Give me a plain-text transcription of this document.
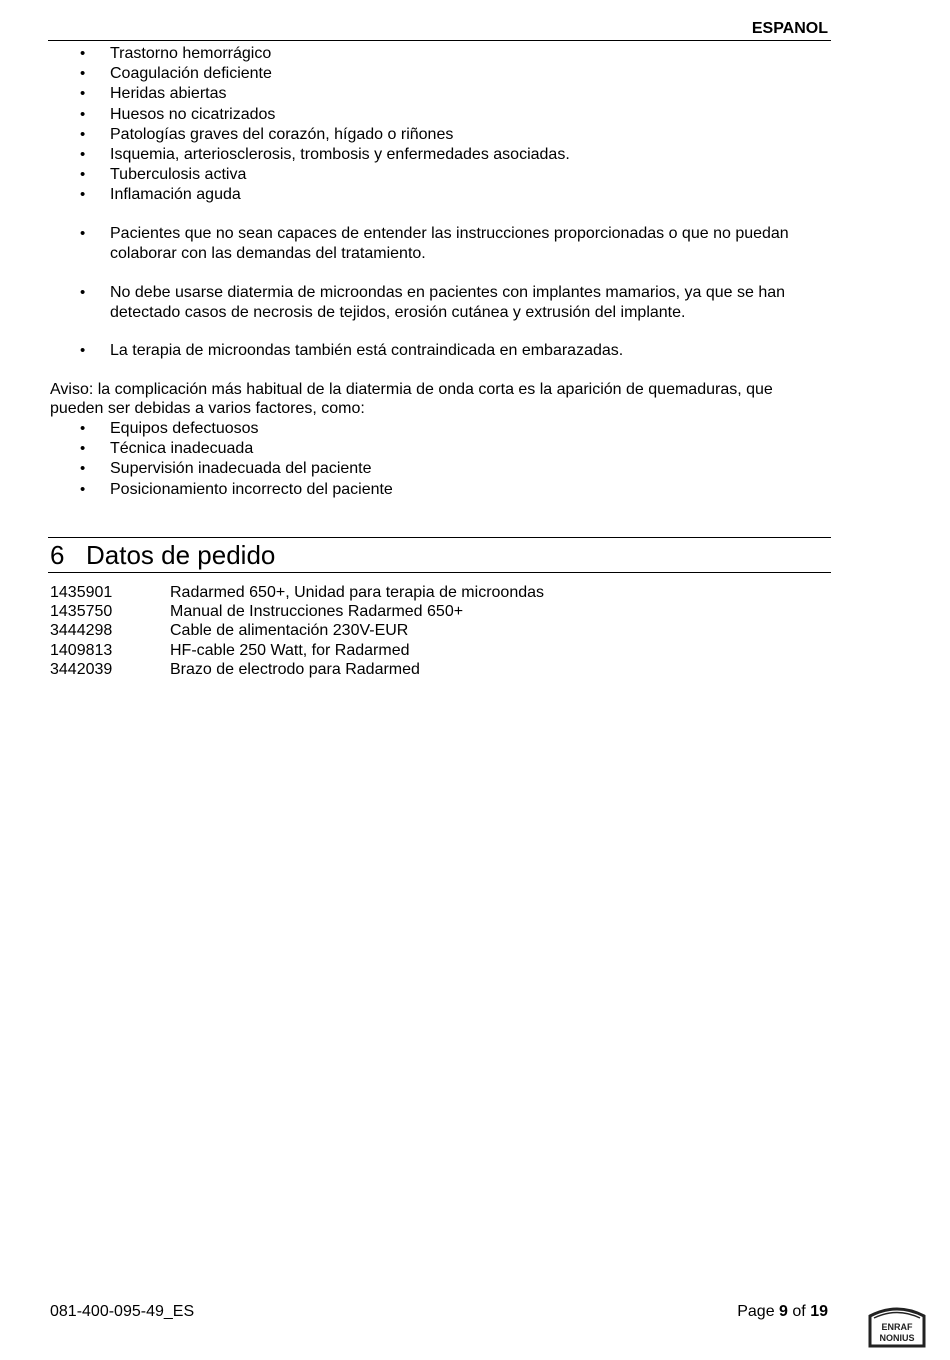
ESPANOL
• Trastorno hemorrágico
• Coagulación deficiente
• Heridas abiertas
• Huesos no cicatrizados
• Patologías graves del corazón, hígado o riñones
• Isquemia, arteriosclerosis, trombosis y enfermedades asociadas.
• Tuberculosis activa
• Inflamación aguda
• Pacientes que no sean capaces de entender las instrucciones proporcionadas o que no puedan colaborar con las demandas del tratamiento.
• No debe usarse diatermia de microondas en pacientes con implantes mamarios, ya que se han detectado casos de necrosis de tejidos, erosión cutánea y extrusión del implante.
• La terapia de microondas también está contraindicada en embarazadas.

Aviso: la complicación más habitual de la diatermia de onda corta es la aparición de quemaduras, que pueden ser debidas a varios factores, como:

• Equipos defectuosos
• Técnica inadecuada
• Supervisión inadecuada del paciente
• Posicionamiento incorrecto del paciente
6 Datos de pedido
1435901	Radarmed 650+, Unidad para terapia de microondas
1435750	Manual de Instrucciones Radarmed 650+
3444298	Cable de alimentación 230V-EUR
1409813	HF-cable 250 Watt, for Radarmed
3442039	Brazo de electrodo para Radarmed
081-400-095-49_ES	Page 9 of 19
ENRAF
NONIUS
